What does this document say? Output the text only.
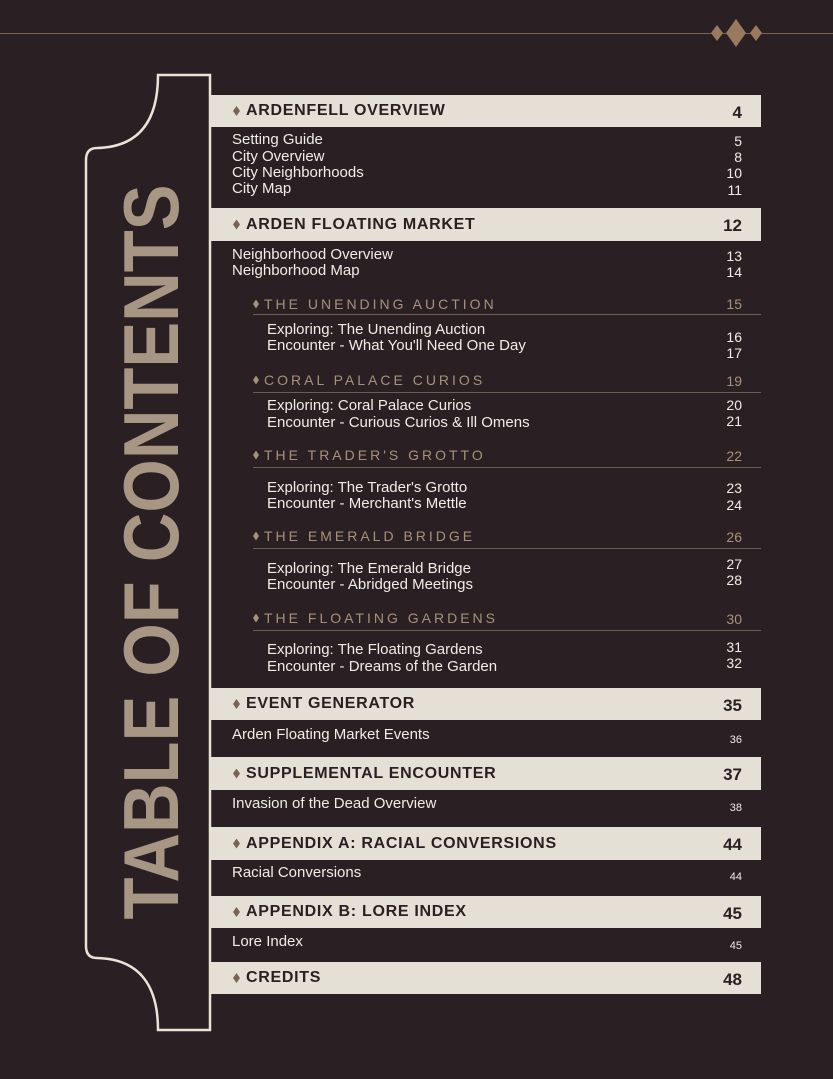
TABLE OF CONTENTS	ARDENFELL OVERVIEW	4
Setting Guide	5
City Overview	8
City Neighborhoods	10
City Map	11
ARDEN FLOATING MARKET	12
Neighborhood Overview	13
Neighborhood Map	14
THE UNENDING AUCTION	15
Exploring: The Unending Auction	16
Encounter - What You'll Need One Day	17
CORAL PALACE CURIOS	19
Exploring: Coral Palace Curios	20
Encounter - Curious Curios & Ill Omens	21
THE TRADER'S GROTTO	22
Exploring: The Trader's Grotto	23
Encounter - Merchant's Mettle	24
THE EMERALD BRIDGE	26
Exploring: The Emerald Bridge	27
Encounter - Abridged Meetings	28
THE FLOATING GARDENS	30
Exploring: The Floating Gardens	31
Encounter - Dreams of the Garden	32
EVENT GENERATOR	35
Arden Floating Market Events	36
SUPPLEMENTAL ENCOUNTER	37
Invasion of the Dead Overview	38
APPENDIX A: RACIAL CONVERSIONS	44
Racial Conversions	44
APPENDIX B: LORE INDEX	45
Lore Index	45
CREDITS	48
